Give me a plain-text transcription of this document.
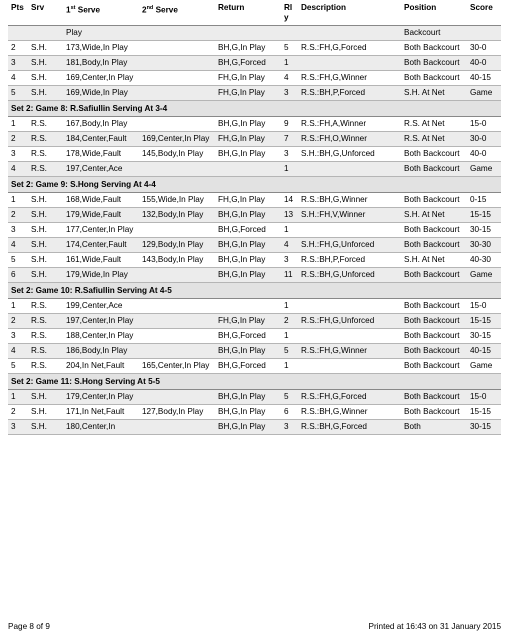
Pts	Srv	1st Serve	2nd Serve	Return	Rly	Description	Position	Score
		Play					Backcourt	
2	S.H.	173,Wide,In Play		BH,G,In Play	5	R.S.:FH,G,Forced	Both Backcourt	30-0
3	S.H.	181,Body,In Play		BH,G,Forced	1		Both Backcourt	40-0
4	S.H.	169,Center,In Play		FH,G,In Play	4	R.S.:FH,G,Winner	Both Backcourt	40-15
5	S.H.	169,Wide,In Play		FH,G,In Play	3	R.S.:BH,P,Forced	S.H. At Net	Game
Set 2: Game 8: R.Safiullin Serving At 3-4								
1	R.S.	167,Body,In Play		BH,G,In Play	9	R.S.:FH,A,Winner	R.S. At Net	15-0
2	R.S.	184,Center,Fault	169,Center,In Play	FH,G,In Play	7	R.S.:FH,O,Winner	R.S. At Net	30-0
3	R.S.	178,Wide,Fault	145,Body,In Play	BH,G,In Play	3	S.H.:BH,G,Unforced	Both Backcourt	40-0
4	R.S.	197,Center,Ace			1		Both Backcourt	Game
Set 2: Game 9: S.Hong Serving At 4-4								
1	S.H.	168,Wide,Fault	155,Wide,In Play	FH,G,In Play	14	R.S.:BH,G,Winner	Both Backcourt	0-15
2	S.H.	179,Wide,Fault	132,Body,In Play	BH,G,In Play	13	S.H.:FH,V,Winner	S.H. At Net	15-15
3	S.H.	177,Center,In Play		BH,G,Forced	1		Both Backcourt	30-15
4	S.H.	174,Center,Fault	129,Body,In Play	BH,G,In Play	4	S.H.:FH,G,Unforced	Both Backcourt	30-30
5	S.H.	161,Wide,Fault	143,Body,In Play	BH,G,In Play	3	R.S.:BH,P,Forced	S.H. At Net	40-30
6	S.H.	179,Wide,In Play		BH,G,In Play	11	R.S.:BH,G,Unforced	Both Backcourt	Game
Set 2: Game 10: R.Safiullin Serving At 4-5								
1	R.S.	199,Center,Ace			1		Both Backcourt	15-0
2	R.S.	197,Center,In Play		FH,G,In Play	2	R.S.:FH,G,Unforced	Both Backcourt	15-15
3	R.S.	188,Center,In Play		BH,G,Forced	1		Both Backcourt	30-15
4	R.S.	186,Body,In Play		BH,G,In Play	5	R.S.:FH,G,Winner	Both Backcourt	40-15
5	R.S.	204,In Net,Fault	165,Center,In Play	BH,G,Forced	1		Both Backcourt	Game
Set 2: Game 11: S.Hong Serving At 5-5								
1	S.H.	179,Center,In Play		BH,G,In Play	5	R.S.:FH,G,Forced	Both Backcourt	15-0
2	S.H.	171,In Net,Fault	127,Body,In Play	BH,G,In Play	6	R.S.:BH,G,Winner	Both Backcourt	15-15
3	S.H.	180,Center,In		BH,G,In Play	3	R.S.:BH,G,Forced	Both	30-15
Page 8 of 9	Printed at 16:43 on 31 January 2015
